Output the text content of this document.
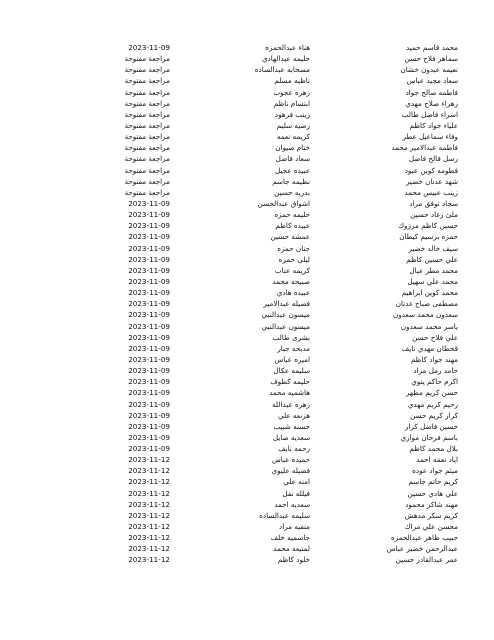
محمد قاسم حميد
هناء عبدالحمزه
2023-11-09
سماهر فلاح حسن
حليمه عبدالهادي
مراجعة مفتوحة
نعيمه عبدون خشان
مسحابه عبدالساده
مراجعة مفتوحة
سعاد مجيد عباس
ناظيه مسلم
مراجعة مفتوحة
فاطمه صالح جواد
زهره عجوب
مراجعة مفتوحة
زهراء صلاح مهدي
ابتسام ناظم
مراجعة مفتوحة
اسراء فاضل طالب
زينب فرهود
مراجعة مفتوحة
علياء جواد كاظم
رضيه سليم
مراجعة مفتوحة
وفاء سماعيل عطر
كريمه نعمه
مراجعة مفتوحة
فاطمه عبدالامير محمد
ختام صيوان
مراجعة مفتوحة
رسل فالح فاضل
سعاد فاضل
مراجعة مفتوحة
فطومه كوين عبود
عبيده عجيل
مراجعة مفتوحة
شهد عدنان خضير
نظيمه جاسم
مراجعة مفتوحة
زينب عبيس محمد
بدريه حسين
مراجعة مفتوحة
سجاد توفق مراد
اشواق عبدالحسن
2023-11-09
ملئ زغاد حسين
حليمه حمزه
2023-11-09
حسين كاظم مرزوك
عبيده كاظم
2023-11-09
حمزه برسيم كيطان
عمشه حسين
2023-11-09
سيف خالد خضير
جنان حمزه
2023-11-09
علي حسين كاظم
ليلى حمزه
2023-11-09
محمد مطر عيال
كريمه عناب
2023-11-09
محمد علي سهيل
صبيحه محمد
2023-11-09
محمد كوين ابراهيم
عبيده هادي
2023-11-09
مصطفى صباح غدنان
فضيله عبدالامير
2023-11-09
سعدون محمد سعدون
ميسون عبدالنبي
2023-11-09
ياسر محمد سعدون
ميسون عبدالنبي
2023-11-09
علي فلاح حسن
بشرى طالب
2023-11-09
قحطان مهدي نايف
مديحه جبار
2023-11-09
مهند جواد كاظم
اميره عباس
2023-11-09
حامد رمل مراد
سليمه عكال
2023-11-09
اكرم حاكم يتوي
حليمه كطوف
2023-11-09
حسن كريم مظهر
هاشميه محمد
2023-11-09
رحيم كريم مهدي
زهره عبدالله
2023-11-09
كرار كريم حسن
هزنعه علي
2023-11-09
حسين فاضل كرار
حسنه شبيب
2023-11-09
باسم فرحان موازي
سعديه صايل
2023-11-09
بلال محمد كاظم
رحمه نايف
2023-11-09
اياد نعمه احمد
حميده عباس
2023-11-12
ميثم جواد عوده
فضيله عليوي
2023-11-12
كريم حاتم جاسم
امنه علي
2023-11-12
علي هادي حسين
فيلله نفل
2023-11-12
مهند شاكر محمود
سعديه احمد
2023-11-12
كريم سكر مدهش
سليمه عبدالساده
2023-11-12
محسن علي مراك
منفيه مراد
2023-11-12
حبيب ظاهر عبدالحمزه
جاسميه خلف
2023-11-12
عبدالرحمن خضير عباس
لمنيعه محمد
2023-11-12
عمر عبدالقادر حسين
خلود كاظم
2023-11-12
